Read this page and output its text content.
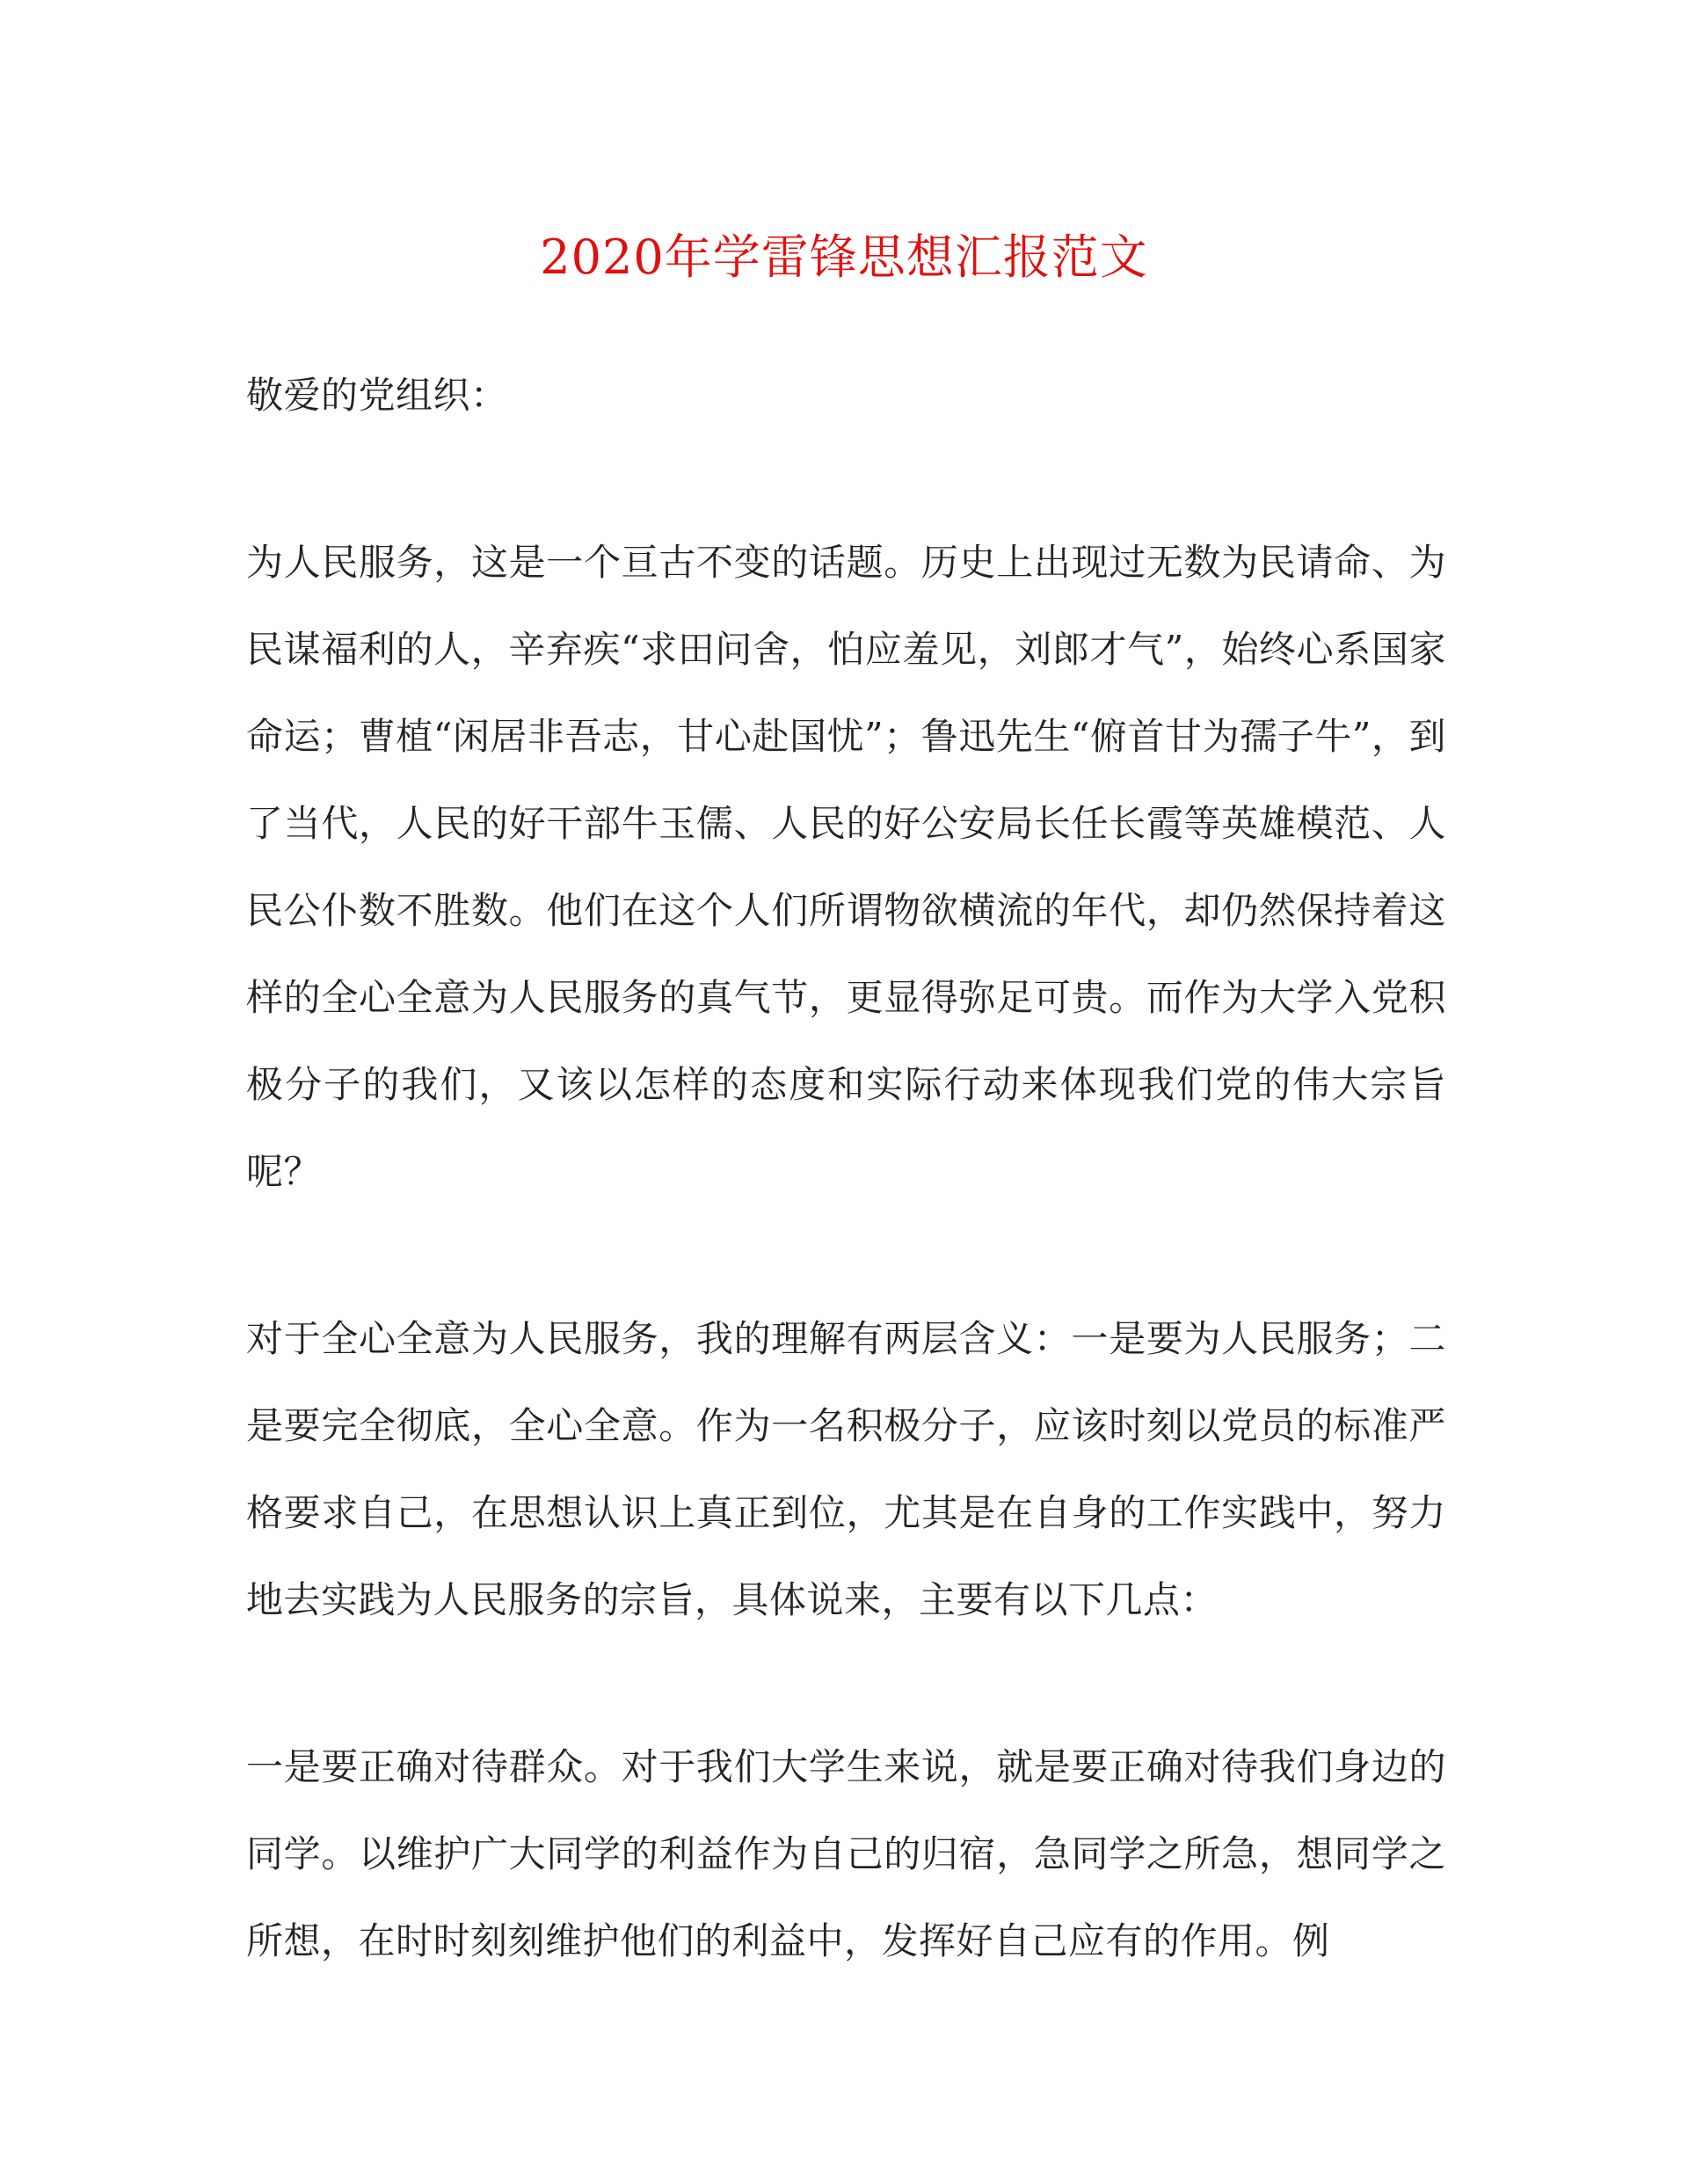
2020年学雷锋思想汇报范文

敬爱的党组织：

为人民服务，这是一个亘古不变的话题。历史上出现过无数为民请命、为民谋福利的人，辛弃疾“求田问舍，怕应羞见，刘郎才气”，始终心系国家命运；曹植“闲居非吾志，甘心赴国忧”；鲁迅先生“俯首甘为孺子牛”，到了当代，人民的好干部牛玉儒、人民的好公安局长任长霞等英雄模范、人民公仆数不胜数。他们在这个人们所谓物欲横流的年代，却仍然保持着这样的全心全意为人民服务的真气节，更显得弥足可贵。而作为大学入党积极分子的我们，又该以怎样的态度和实际行动来体现我们党的伟大宗旨呢？

对于全心全意为人民服务，我的理解有两层含义：一是要为人民服务；二是要完全彻底，全心全意。作为一名积极分子，应该时刻以党员的标准严格要求自己，在思想认识上真正到位，尤其是在自身的工作实践中，努力地去实践为人民服务的宗旨，具体说来，主要有以下几点：

一是要正确对待群众。对于我们大学生来说，就是要正确对待我们身边的同学。以维护广大同学的利益作为自己的归宿，急同学之所急，想同学之所想，在时时刻刻维护他们的利益中，发挥好自己应有的作用。例
